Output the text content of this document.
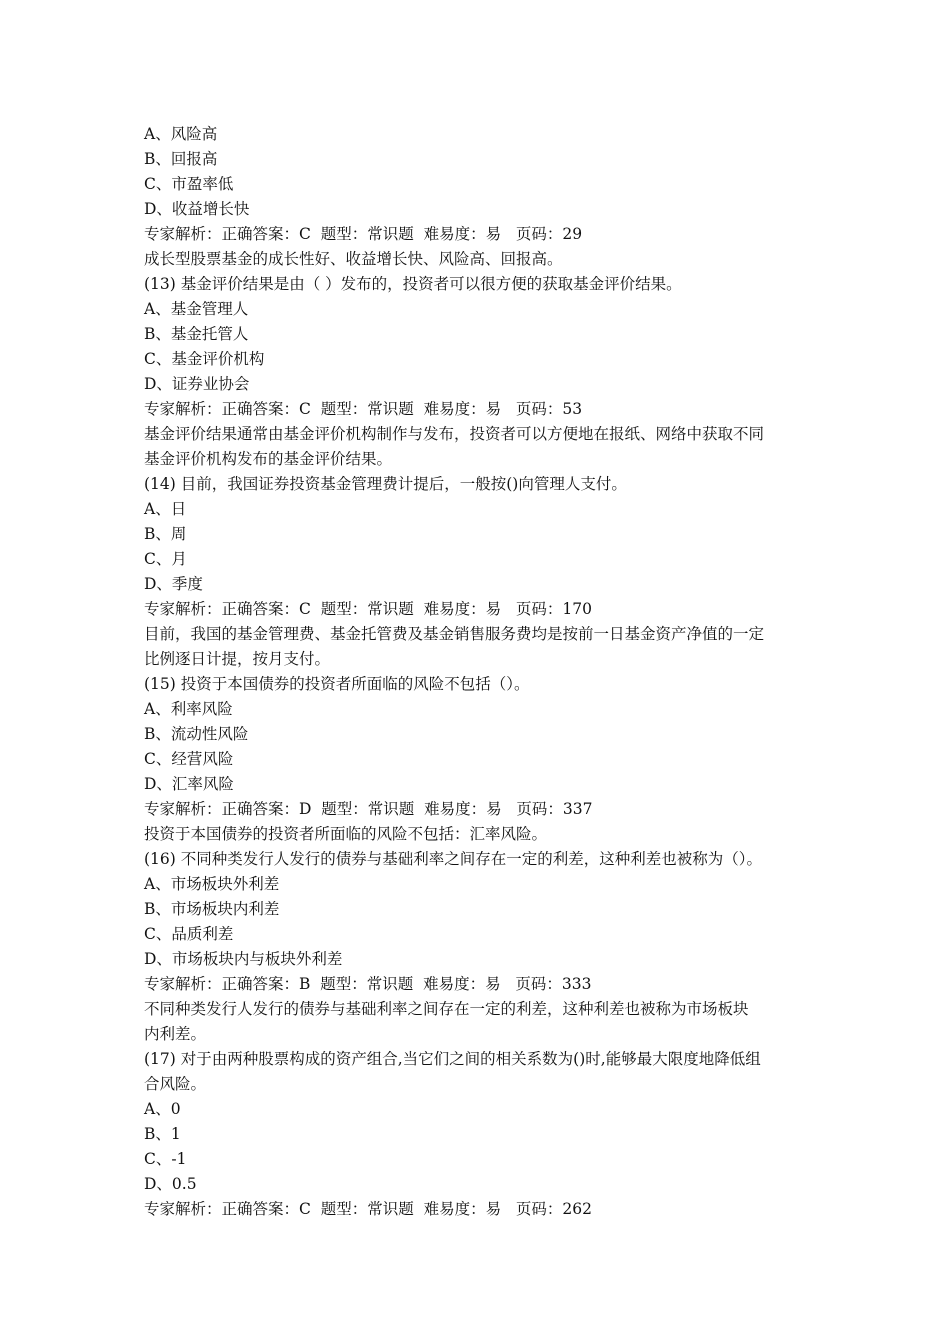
A、风险高
B、回报高
C、市盈率低
D、收益增长快
专家解析：正确答案：C  题型：常识题  难易度：易   页码：29
成长型股票基金的成长性好、收益增长快、风险高、回报高。
(13) 基金评价结果是由（ ）发布的，投资者可以很方便的获取基金评价结果。
A、基金管理人
B、基金托管人
C、基金评价机构
D、证券业协会
专家解析：正确答案：C  题型：常识题  难易度：易   页码：53
基金评价结果通常由基金评价机构制作与发布，投资者可以方便地在报纸、网络中获取不同
基金评价机构发布的基金评价结果。
(14) 目前，我国证券投资基金管理费计提后，一般按()向管理人支付。
A、日
B、周
C、月
D、季度
专家解析：正确答案：C  题型：常识题  难易度：易   页码：170
目前，我国的基金管理费、基金托管费及基金销售服务费均是按前一日基金资产净值的一定
比例逐日计提，按月支付。
(15) 投资于本国债券的投资者所面临的风险不包括（）。
A、利率风险
B、流动性风险
C、经营风险
D、汇率风险
专家解析：正确答案：D  题型：常识题  难易度：易   页码：337
投资于本国债券的投资者所面临的风险不包括：汇率风险。
(16) 不同种类发行人发行的债券与基础利率之间存在一定的利差，这种利差也被称为（）。
A、市场板块外利差
B、市场板块内利差
C、品质利差
D、市场板块内与板块外利差
专家解析：正确答案：B  题型：常识题  难易度：易   页码：333
不同种类发行人发行的债券与基础利率之间存在一定的利差，这种利差也被称为市场板块
内利差。
(17) 对于由两种股票构成的资产组合,当它们之间的相关系数为()时,能够最大限度地降低组
合风险。
A、0
B、1
C、-1
D、0.5
专家解析：正确答案：C  题型：常识题  难易度：易   页码：262
